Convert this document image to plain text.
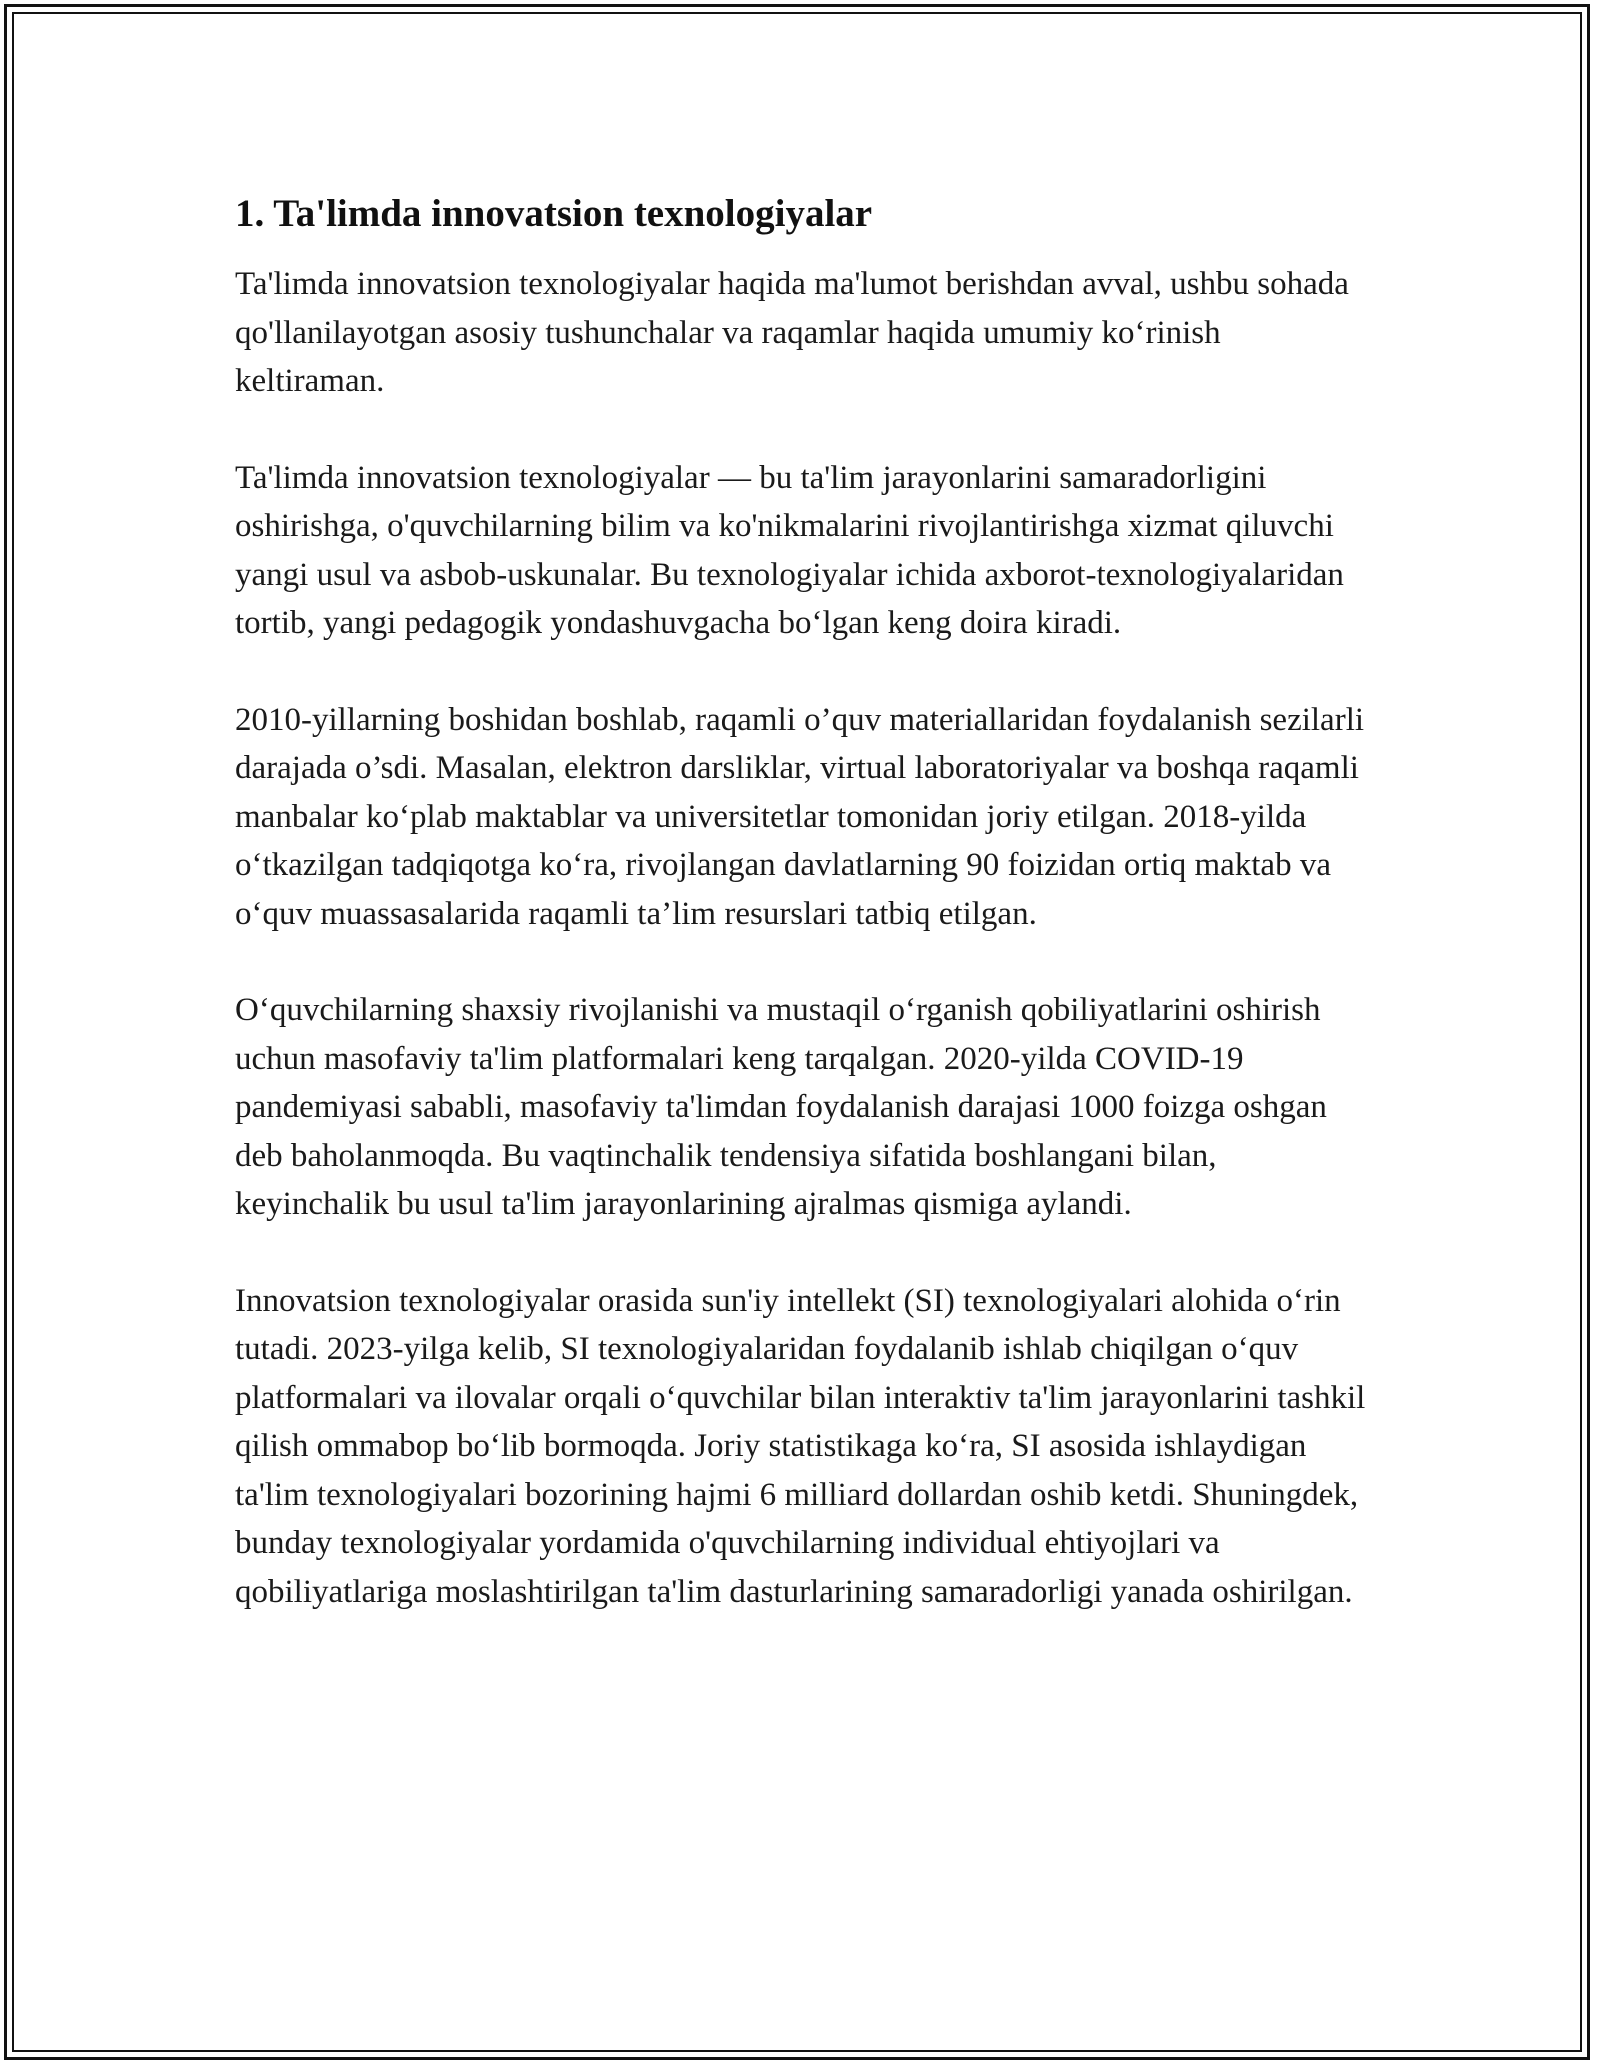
1. Ta'limda innovatsion texnologiyalar

Ta'limda innovatsion texnologiyalar haqida ma'lumot berishdan avval, ushbu sohada qo'llanilayotgan asosiy tushunchalar va raqamlar haqida umumiy ko‘rinish keltiraman.

Ta'limda innovatsion texnologiyalar — bu ta'lim jarayonlarini samaradorligini oshirishga, o'quvchilarning bilim va ko'nikmalarini rivojlantirishga xizmat qiluvchi yangi usul va asbob-uskunalar. Bu texnologiyalar ichida axborot-texnologiyalaridan tortib, yangi pedagogik yondashuvgacha bo‘lgan keng doira kiradi.

2010-yillarning boshidan boshlab, raqamli o’quv materiallaridan foydalanish sezilarli darajada o’sdi. Masalan, elektron darsliklar, virtual laboratoriyalar va boshqa raqamli manbalar ko‘plab maktablar va universitetlar tomonidan joriy etilgan. 2018-yilda o‘tkazilgan tadqiqotga ko‘ra, rivojlangan davlatlarning 90 foizidan ortiq maktab va o‘quv muassasalarida raqamli ta’lim resurslari tatbiq etilgan.

O‘quvchilarning shaxsiy rivojlanishi va mustaqil o‘rganish qobiliyatlarini oshirish uchun masofaviy ta'lim platformalari keng tarqalgan. 2020-yilda COVID-19 pandemiyasi sababli, masofaviy ta'limdan foydalanish darajasi 1000 foizga oshgan deb baholanmoqda. Bu vaqtinchalik tendensiya sifatida boshlangani bilan, keyinchalik bu usul ta'lim jarayonlarining ajralmas qismiga aylandi.

Innovatsion texnologiyalar orasida sun'iy intellekt (SI) texnologiyalari alohida o‘rin tutadi. 2023-yilga kelib, SI texnologiyalaridan foydalanib ishlab chiqilgan o‘quv platformalari va ilovalar orqali o‘quvchilar bilan interaktiv ta'lim jarayonlarini tashkil qilish ommabop bo‘lib bormoqda. Joriy statistikaga ko‘ra, SI asosida ishlaydigan ta'lim texnologiyalari bozorining hajmi 6 milliard dollardan oshib ketdi. Shuningdek, bunday texnologiyalar yordamida o'quvchilarning individual ehtiyojlari va qobiliyatlariga moslashtirilgan ta'lim dasturlarining samaradorligi yanada oshirilgan.
